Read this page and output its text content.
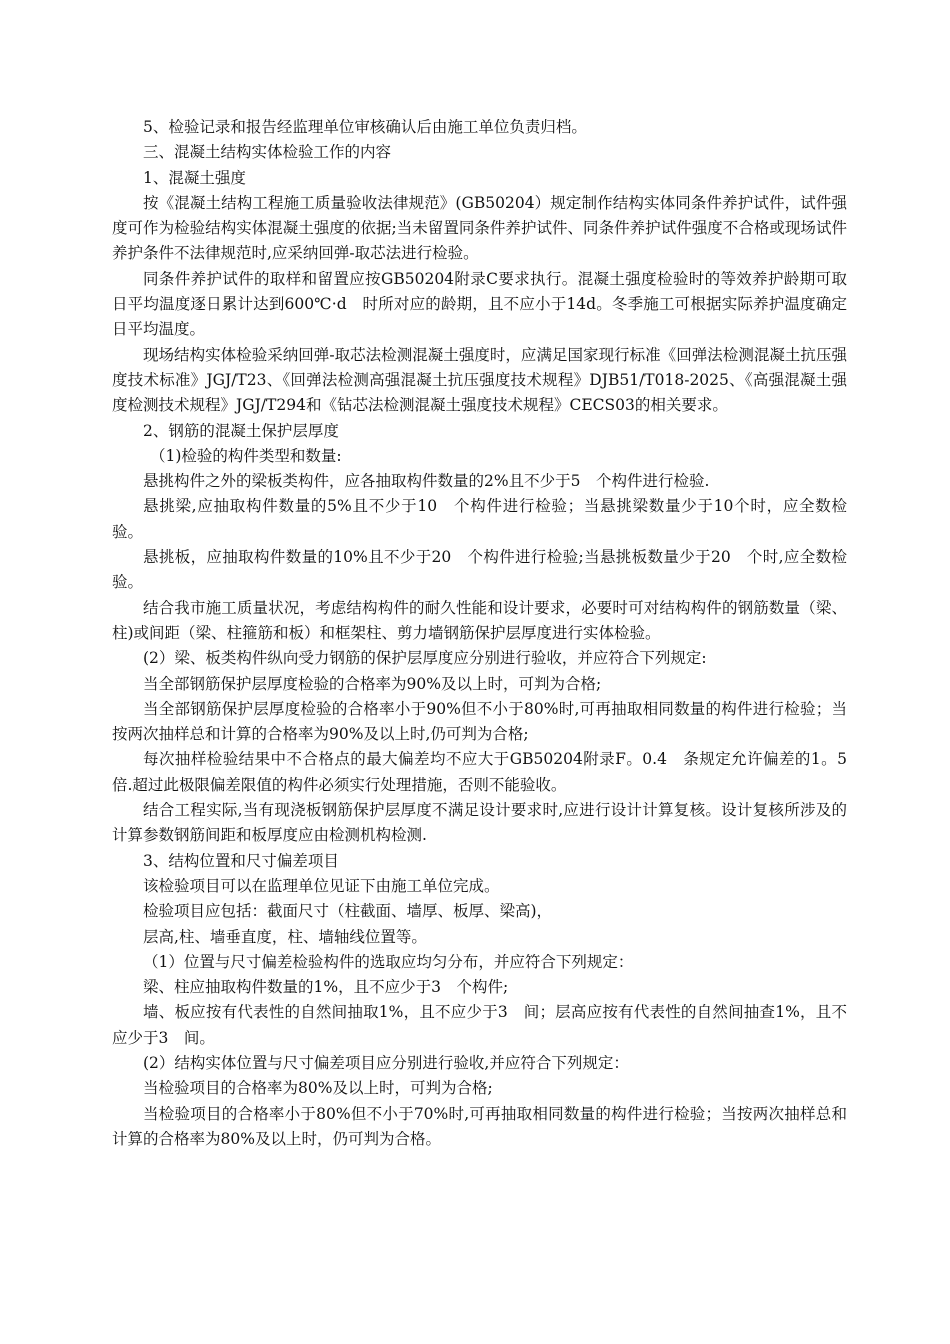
5、检验记录和报告经监理单位审核确认后由施工单位负责归档。

三、混凝土结构实体检验工作的内容

1、混凝土强度

按《混凝土结构工程施工质量验收法律规范》(GB50204）规定制作结构实体同条件养护试件，试件强度可作为检验结构实体混凝土强度的依据;当未留置同条件养护试件、同条件养护试件强度不合格或现场试件养护条件不法律规范时,应采纳回弹-取芯法进行检验。

同条件养护试件的取样和留置应按GB50204附录C要求执行。混凝土强度检验时的等效养护龄期可取日平均温度逐日累计达到600℃·d　时所对应的龄期，且不应小于14d。冬季施工可根据实际养护温度确定日平均温度。

现场结构实体检验采纳回弹-取芯法检测混凝土强度时，应满足国家现行标准《回弹法检测混凝土抗压强度技术标准》JGJ/T23、《回弹法检测高强混凝土抗压强度技术规程》DJB51/T018-2025、《高强混凝土强度检测技术规程》JGJ/T294和《钻芯法检测混凝土强度技术规程》CECS03的相关要求。

2、钢筋的混凝土保护层厚度

（1)检验的构件类型和数量:

悬挑构件之外的梁板类构件，应各抽取构件数量的2%且不少于5　个构件进行检验.

悬挑梁,应抽取构件数量的5%且不少于10　个构件进行检验；当悬挑梁数量少于10个时，应全数检验。

悬挑板，应抽取构件数量的10%且不少于20　个构件进行检验;当悬挑板数量少于20　个时,应全数检验。

结合我市施工质量状况，考虑结构构件的耐久性能和设计要求，必要时可对结构构件的钢筋数量（梁、柱)或间距（梁、柱箍筋和板）和框架柱、剪力墙钢筋保护层厚度进行实体检验。

(2）梁、板类构件纵向受力钢筋的保护层厚度应分别进行验收，并应符合下列规定:

当全部钢筋保护层厚度检验的合格率为90%及以上时，可判为合格;

当全部钢筋保护层厚度检验的合格率小于90%但不小于80%时,可再抽取相同数量的构件进行检验；当按两次抽样总和计算的合格率为90%及以上时,仍可判为合格;

每次抽样检验结果中不合格点的最大偏差均不应大于GB50204附录F。0.4　条规定允许偏差的1。5倍.超过此极限偏差限值的构件必须实行处理措施，否则不能验收。

结合工程实际,当有现浇板钢筋保护层厚度不满足设计要求时,应进行设计计算复核。设计复核所涉及的计算参数钢筋间距和板厚度应由检测机构检测.

3、结构位置和尺寸偏差项目

该检验项目可以在监理单位见证下由施工单位完成。

检验项目应包括：截面尺寸（柱截面、墙厚、板厚、梁高)，

层高,柱、墙垂直度，柱、墙轴线位置等。

（1）位置与尺寸偏差检验构件的选取应均匀分布，并应符合下列规定：

梁、柱应抽取构件数量的1%，且不应少于3　个构件;

墙、板应按有代表性的自然间抽取1%，且不应少于3　间；层高应按有代表性的自然间抽查1%，且不应少于3　间。

(2）结构实体位置与尺寸偏差项目应分别进行验收,并应符合下列规定：

当检验项目的合格率为80%及以上时，可判为合格;

当检验项目的合格率小于80%但不小于70%时,可再抽取相同数量的构件进行检验；当按两次抽样总和计算的合格率为80%及以上时，仍可判为合格。
